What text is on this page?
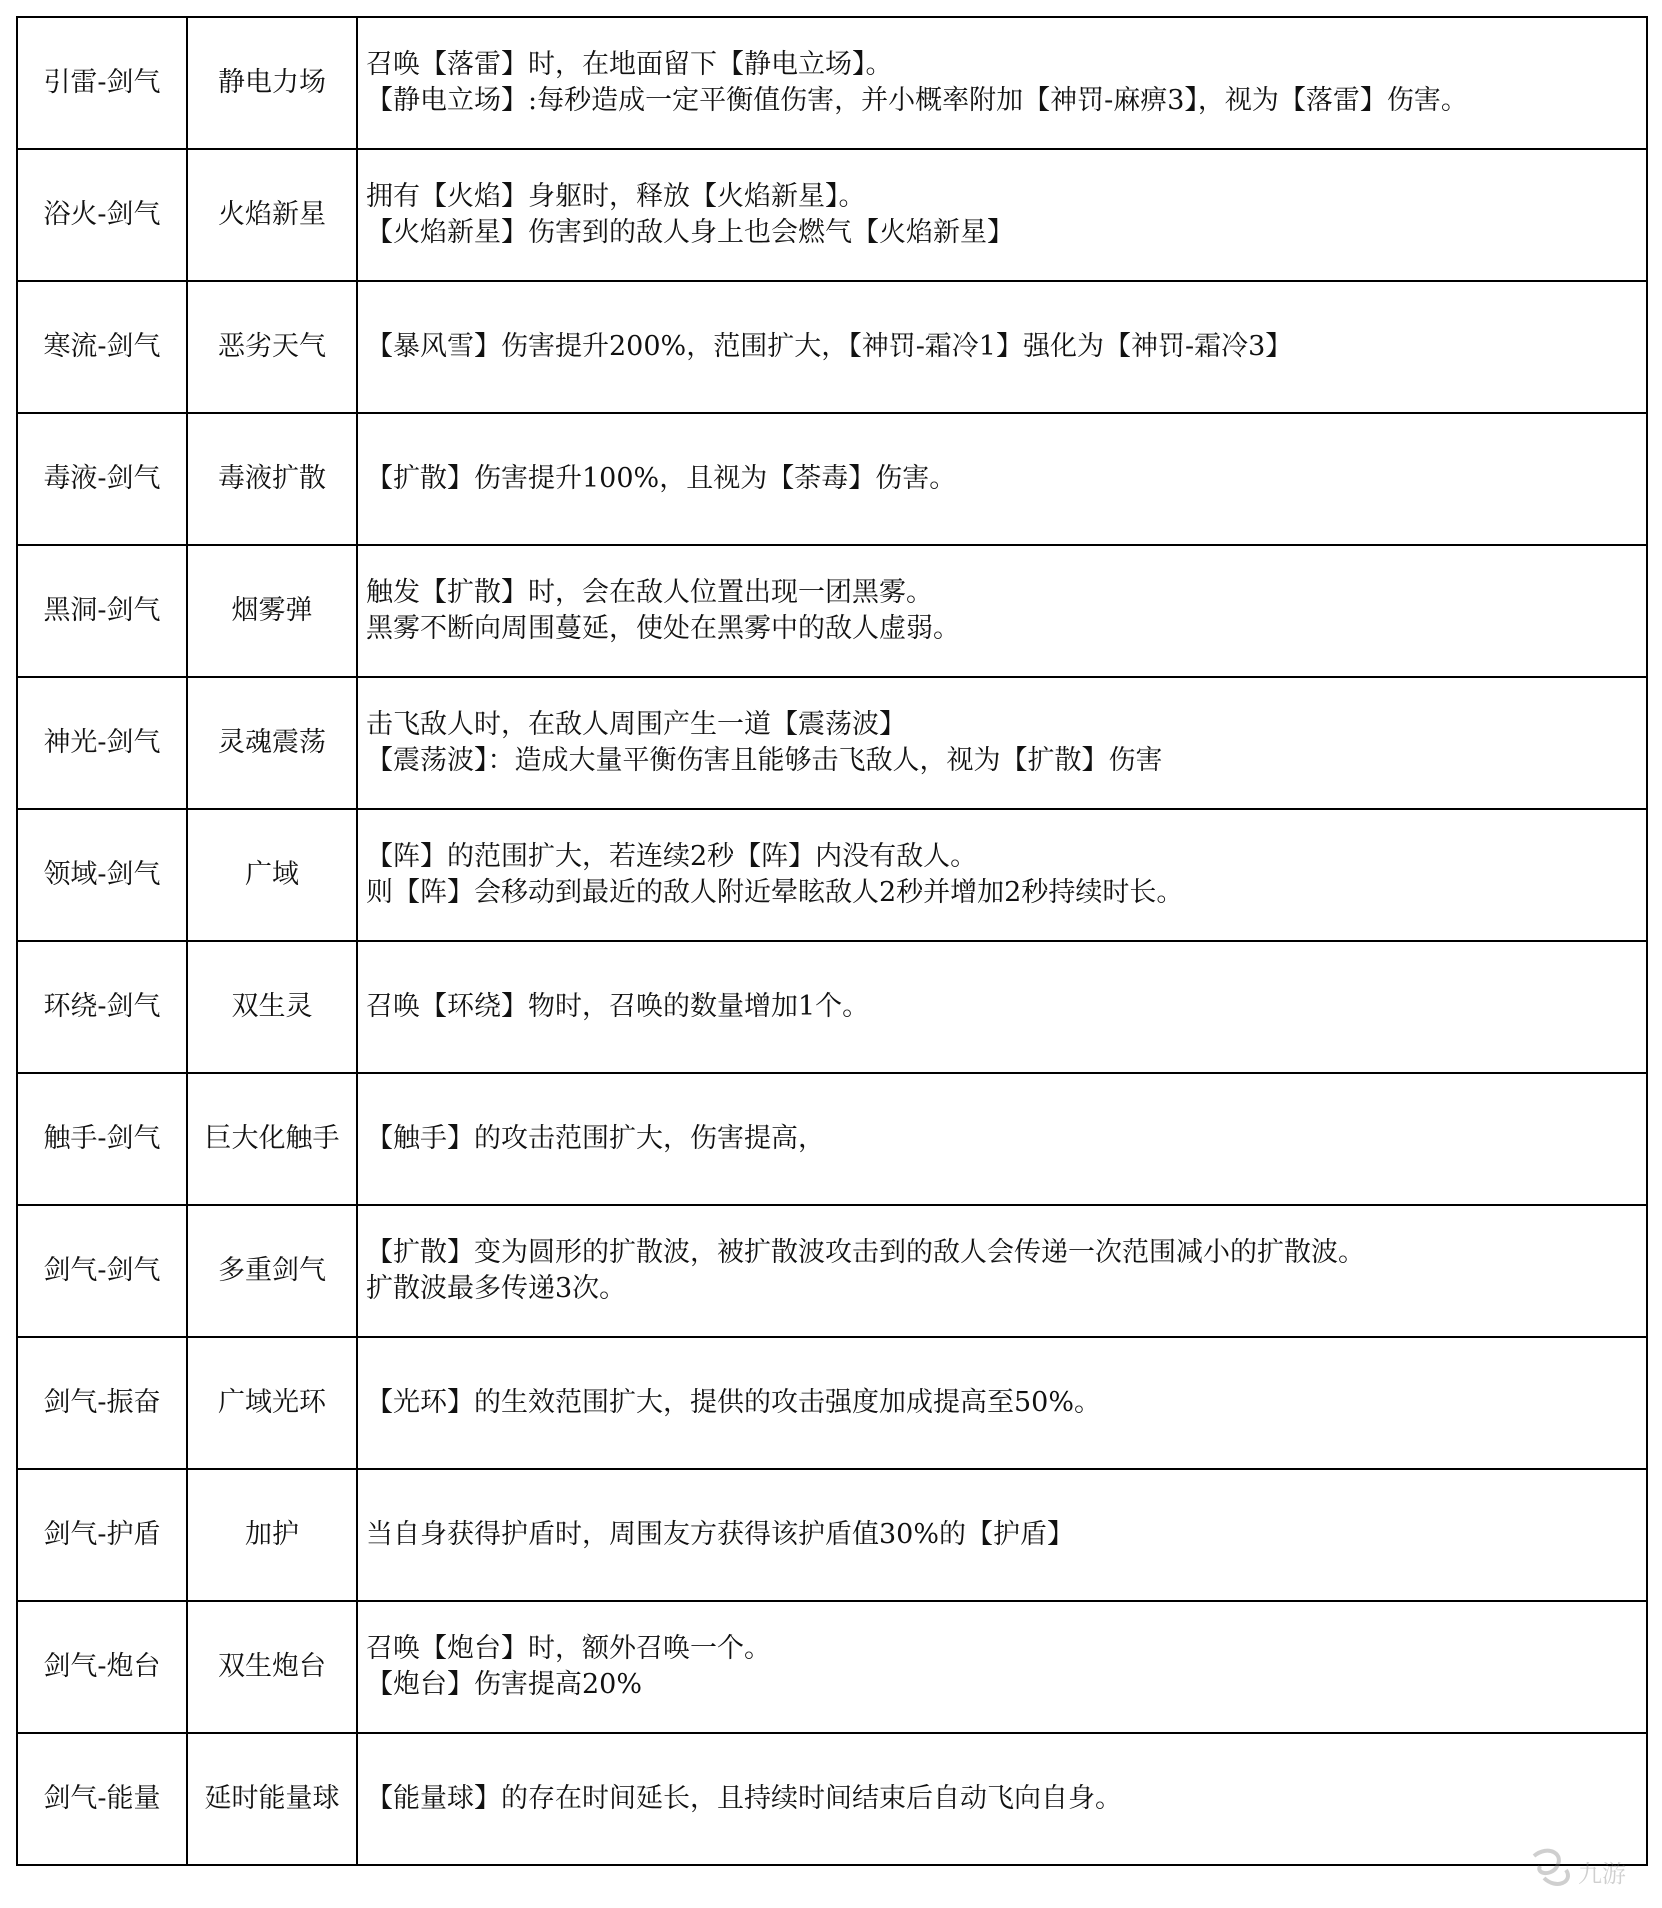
引雷-剑气	静电力场	召唤【落雷】时，在地面留下【静电立场】。
【静电立场】:每秒造成一定平衡值伤害，并小概率附加【神罚-麻痹3】，视为【落雷】伤害。

浴火-剑气	火焰新星	拥有【火焰】身躯时，释放【火焰新星】。
【火焰新星】伤害到的敌人身上也会燃气【火焰新星】

寒流-剑气	恶劣天气	【暴风雪】伤害提升200%，范围扩大，【神罚-霜冷1】强化为【神罚-霜冷3】

毒液-剑气	毒液扩散	【扩散】伤害提升100%，且视为【荼毒】伤害。

黑洞-剑气	烟雾弹	触发【扩散】时，会在敌人位置出现一团黑雾。
黑雾不断向周围蔓延，使处在黑雾中的敌人虚弱。

神光-剑气	灵魂震荡	击飞敌人时，在敌人周围产生一道【震荡波】
【震荡波】：造成大量平衡伤害且能够击飞敌人，视为【扩散】伤害

领域-剑气	广域	【阵】的范围扩大，若连续2秒【阵】内没有敌人。
则【阵】会移动到最近的敌人附近晕眩敌人2秒并增加2秒持续时长。

环绕-剑气	双生灵	召唤【环绕】物时，召唤的数量增加1个。

触手-剑气	巨大化触手	【触手】的攻击范围扩大，伤害提高，

剑气-剑气	多重剑气	【扩散】变为圆形的扩散波，被扩散波攻击到的敌人会传递一次范围减小的扩散波。
扩散波最多传递3次。

剑气-振奋	广域光环	【光环】的生效范围扩大，提供的攻击强度加成提高至50%。

剑气-护盾	加护	当自身获得护盾时，周围友方获得该护盾值30%的【护盾】

剑气-炮台	双生炮台	召唤【炮台】时，额外召唤一个。
【炮台】伤害提高20%

剑气-能量	延时能量球	【能量球】的存在时间延长，且持续时间结束后自动飞向自身。
九游
